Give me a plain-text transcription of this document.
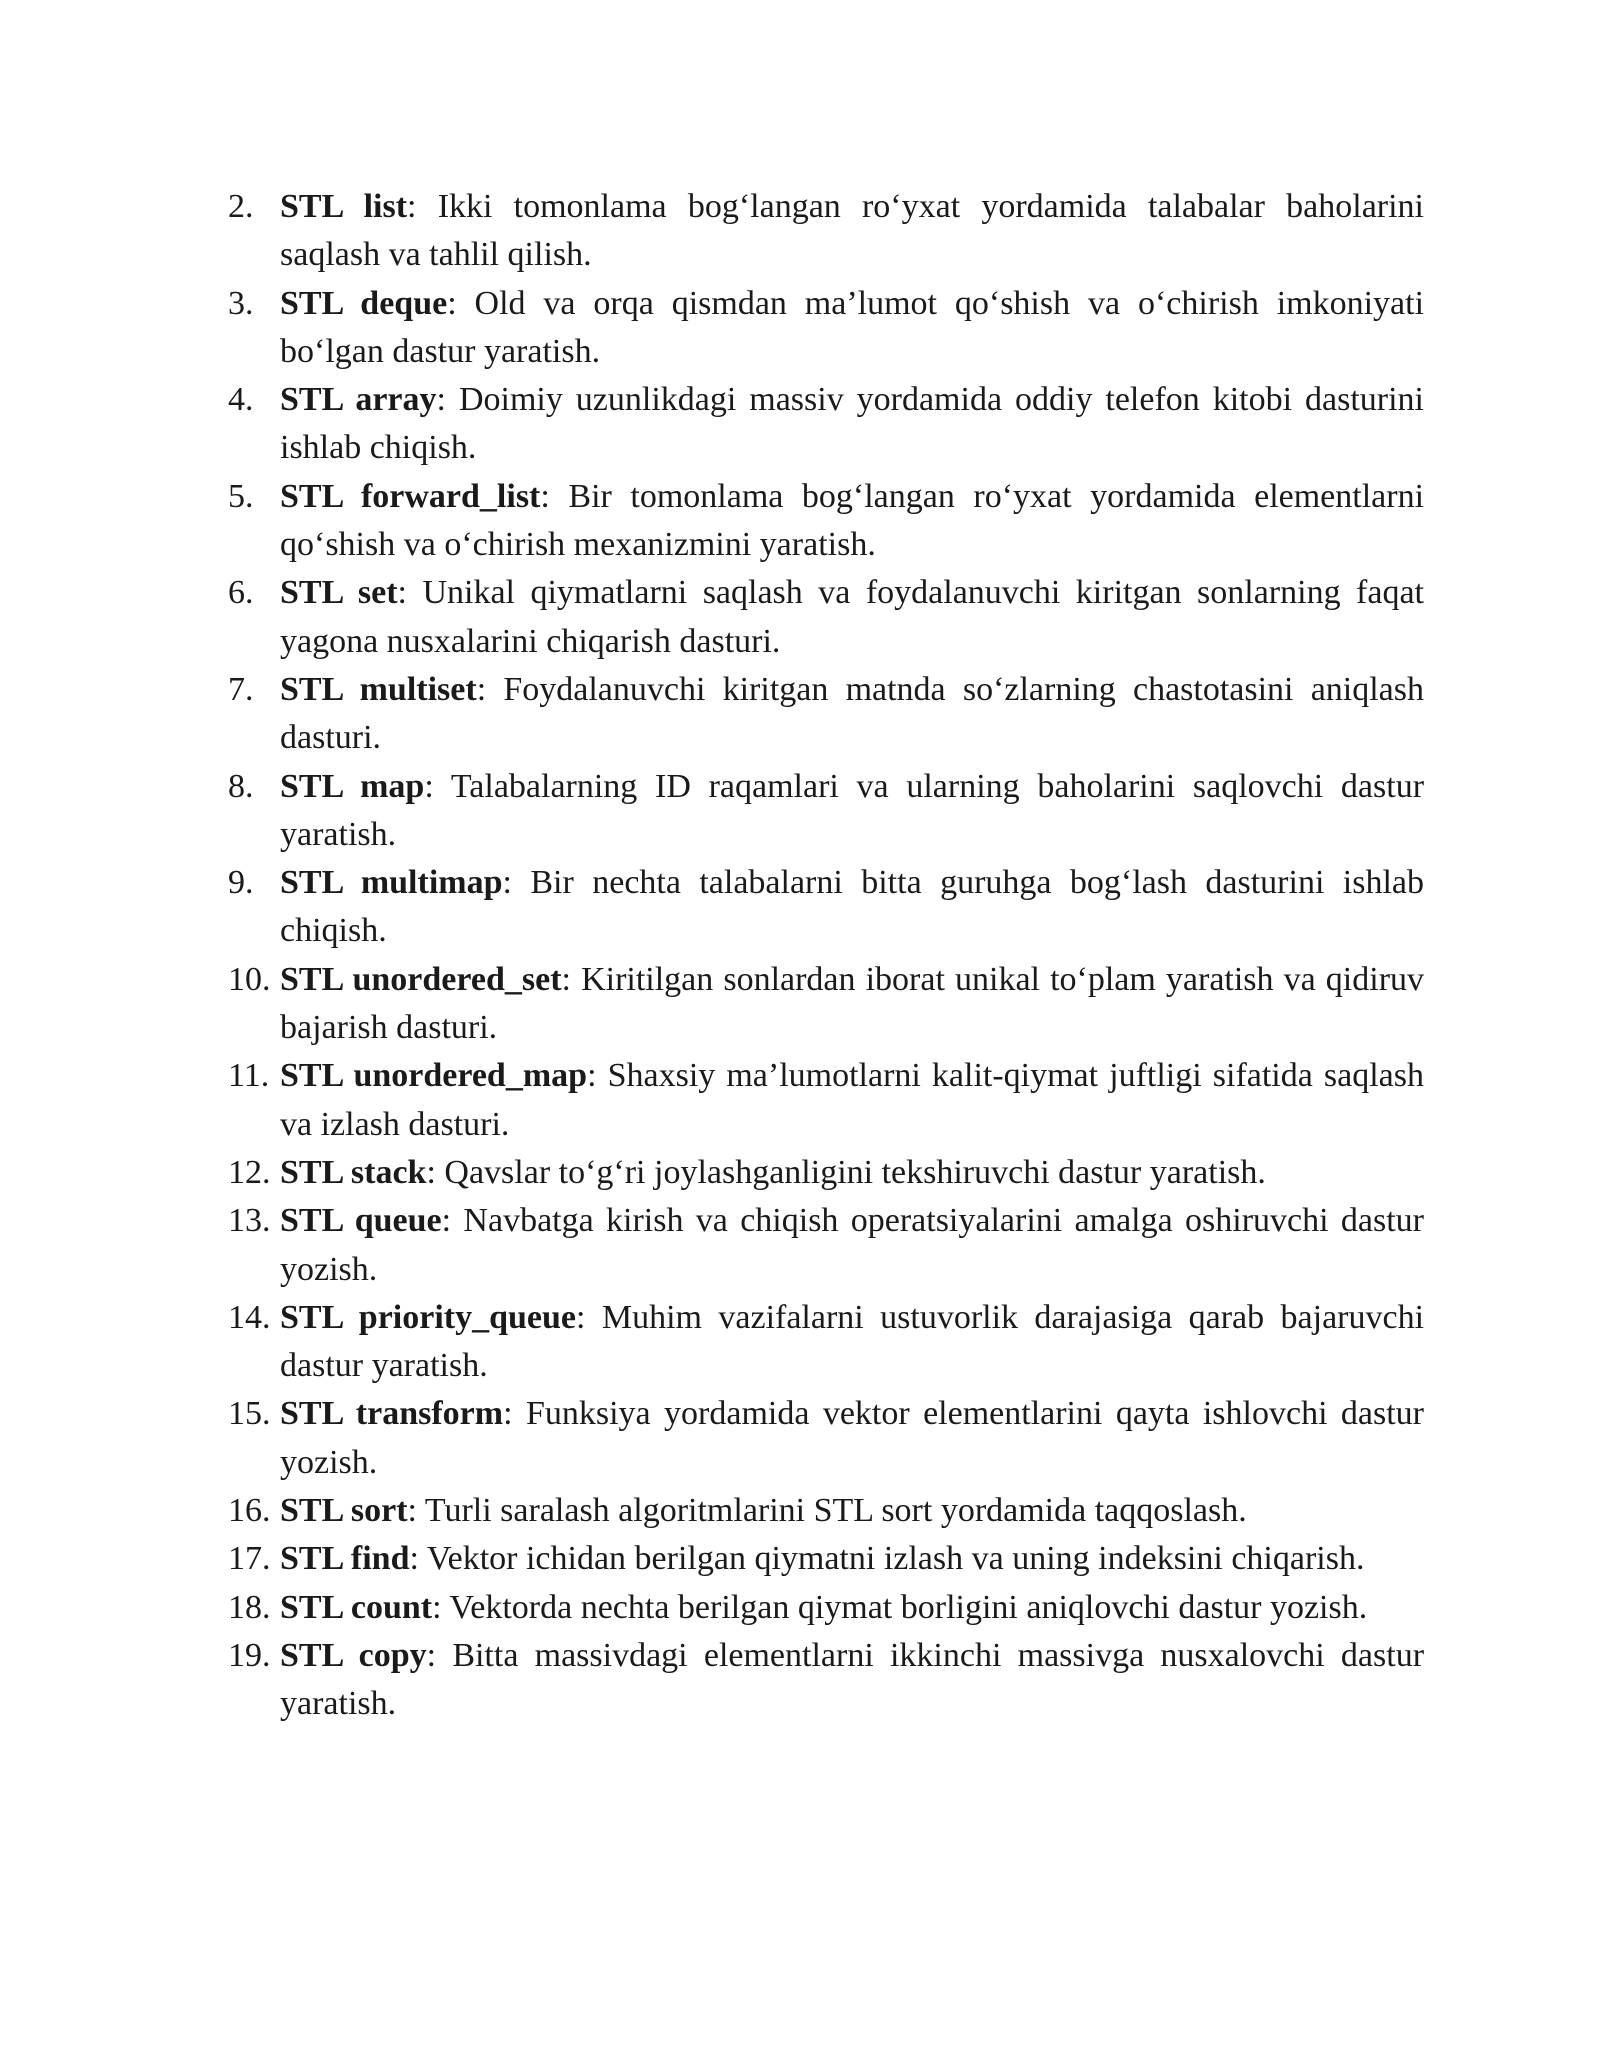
2. STL list: Ikki tomonlama bog‘langan ro‘yxat yordamida talabalar baholarini saqlash va tahlil qilish.
3. STL deque: Old va orqa qismdan ma’lumot qo‘shish va o‘chirish imkoniyati bo‘lgan dastur yaratish.
4. STL array: Doimiy uzunlikdagi massiv yordamida oddiy telefon kitobi dasturini ishlab chiqish.
5. STL forward_list: Bir tomonlama bog‘langan ro‘yxat yordamida elementlarni qo‘shish va o‘chirish mexanizmini yaratish.
6. STL set: Unikal qiymatlarni saqlash va foydalanuvchi kiritgan sonlarning faqat yagona nusxalarini chiqarish dasturi.
7. STL multiset: Foydalanuvchi kiritgan matnda so‘zlarning chastotasini aniqlash dasturi.
8. STL map: Talabalarning ID raqamlari va ularning baholarini saqlovchi dastur yaratish.
9. STL multimap: Bir nechta talabalarni bitta guruhga bog‘lash dasturini ishlab chiqish.
10. STL unordered_set: Kiritilgan sonlardan iborat unikal to‘plam yaratish va qidiruv bajarish dasturi.
11. STL unordered_map: Shaxsiy ma’lumotlarni kalit-qiymat juftligi sifatida saqlash va izlash dasturi.
12. STL stack: Qavslar to‘g‘ri joylashganligini tekshiruvchi dastur yaratish.
13. STL queue: Navbatga kirish va chiqish operatsiyalarini amalga oshiruvchi dastur yozish.
14. STL priority_queue: Muhim vazifalarni ustuvorlik darajasiga qarab bajaruvchi dastur yaratish.
15. STL transform: Funksiya yordamida vektor elementlarini qayta ishlovchi dastur yozish.
16. STL sort: Turli saralash algoritmlarini STL sort yordamida taqqoslash.
17. STL find: Vektor ichidan berilgan qiymatni izlash va uning indeksini chiqarish.
18. STL count: Vektorda nechta berilgan qiymat borligini aniqlovchi dastur yozish.
19. STL copy: Bitta massivdagi elementlarni ikkinchi massivga nusxalovchi dastur yaratish.
